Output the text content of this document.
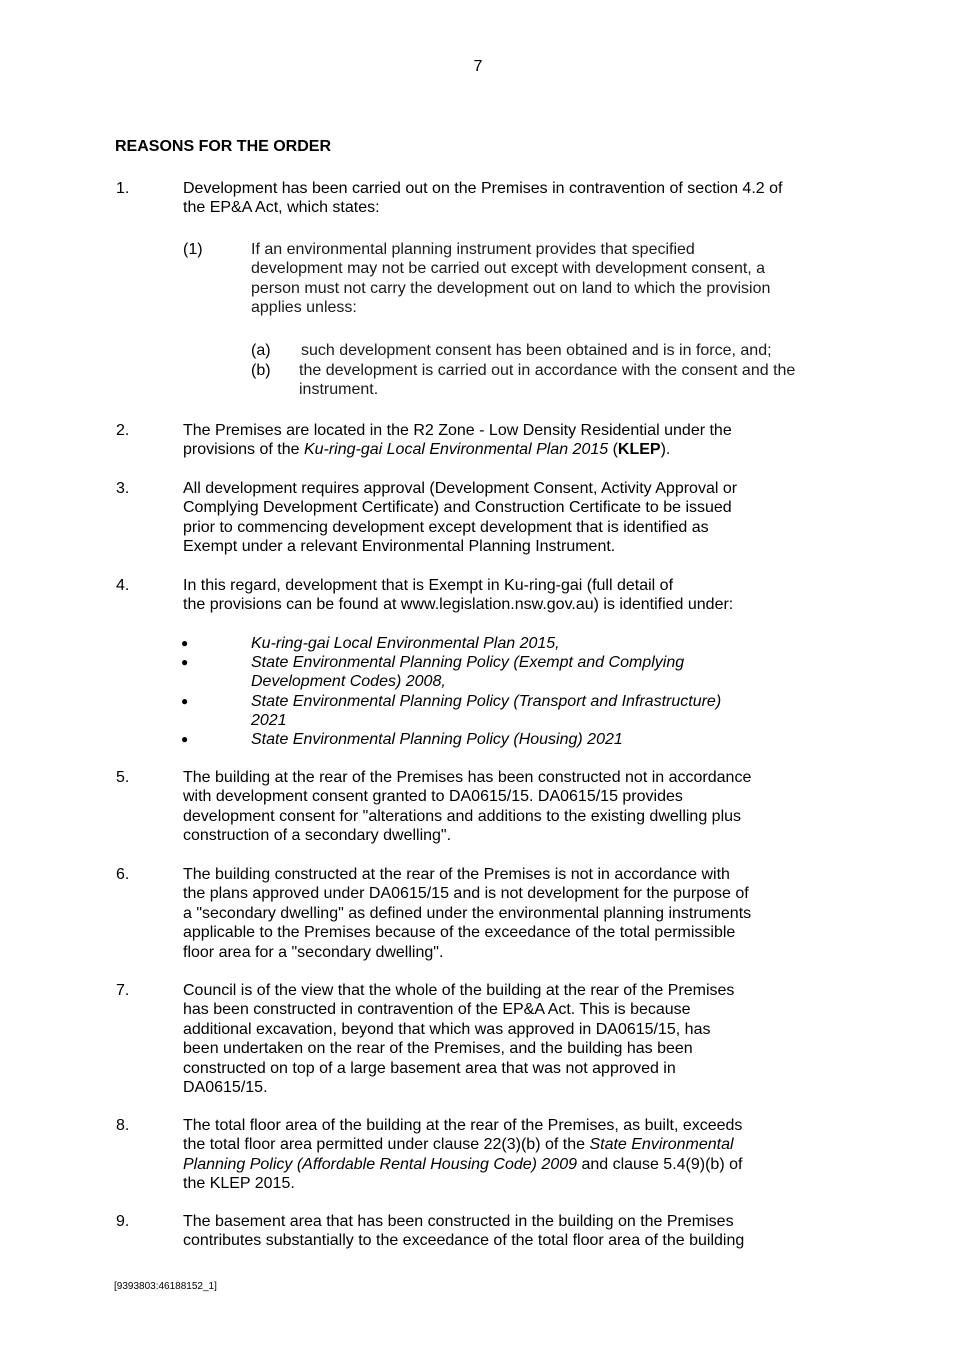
7
REASONS FOR THE ORDER
1.	Development has been carried out on the Premises in contravention of section 4.2 of
the EP&A Act, which states:
(1)	If an environmental planning instrument provides that specified
development may not be carried out except with development consent, a
person must not carry the development out on land to which the provision
applies unless:
(a) such development consent has been obtained and is in force, and;
(b) the development is carried out in accordance with the consent and the
instrument.
2.	The Premises are located in the R2 Zone - Low Density Residential under the
provisions of the Ku-ring-gai Local Environmental Plan 2015 (KLEP).
3.	All development requires approval (Development Consent, Activity Approval or
Complying Development Certificate) and Construction Certificate to be issued
prior to commencing development except development that is identified as
Exempt under a relevant Environmental Planning Instrument.
4.	In this regard, development that is Exempt in Ku-ring-gai (full detail of
the provisions can be found at www.legislation.nsw.gov.au) is identified under:
●	Ku-ring-gai Local Environmental Plan 2015,
●	State Environmental Planning Policy (Exempt and Complying
Development Codes) 2008,
●	State Environmental Planning Policy (Transport and Infrastructure)
2021
●	State Environmental Planning Policy (Housing) 2021
5.	The building at the rear of the Premises has been constructed not in accordance
with development consent granted to DA0615/15. DA0615/15 provides
development consent for "alterations and additions to the existing dwelling plus
construction of a secondary dwelling".
6.	The building constructed at the rear of the Premises is not in accordance with
the plans approved under DA0615/15 and is not development for the purpose of
a "secondary dwelling" as defined under the environmental planning instruments
applicable to the Premises because of the exceedance of the total permissible
floor area for a "secondary dwelling".
7.	Council is of the view that the whole of the building at the rear of the Premises
has been constructed in contravention of the EP&A Act. This is because
additional excavation, beyond that which was approved in DA0615/15, has
been undertaken on the rear of the Premises, and the building has been
constructed on top of a large basement area that was not approved in
DA0615/15.
8.	The total floor area of the building at the rear of the Premises, as built, exceeds
the total floor area permitted under clause 22(3)(b) of the State Environmental
Planning Policy (Affordable Rental Housing Code) 2009 and clause 5.4(9)(b) of
the KLEP 2015.
9.	The basement area that has been constructed in the building on the Premises
contributes substantially to the exceedance of the total floor area of the building
[9393803:46188152_1]
